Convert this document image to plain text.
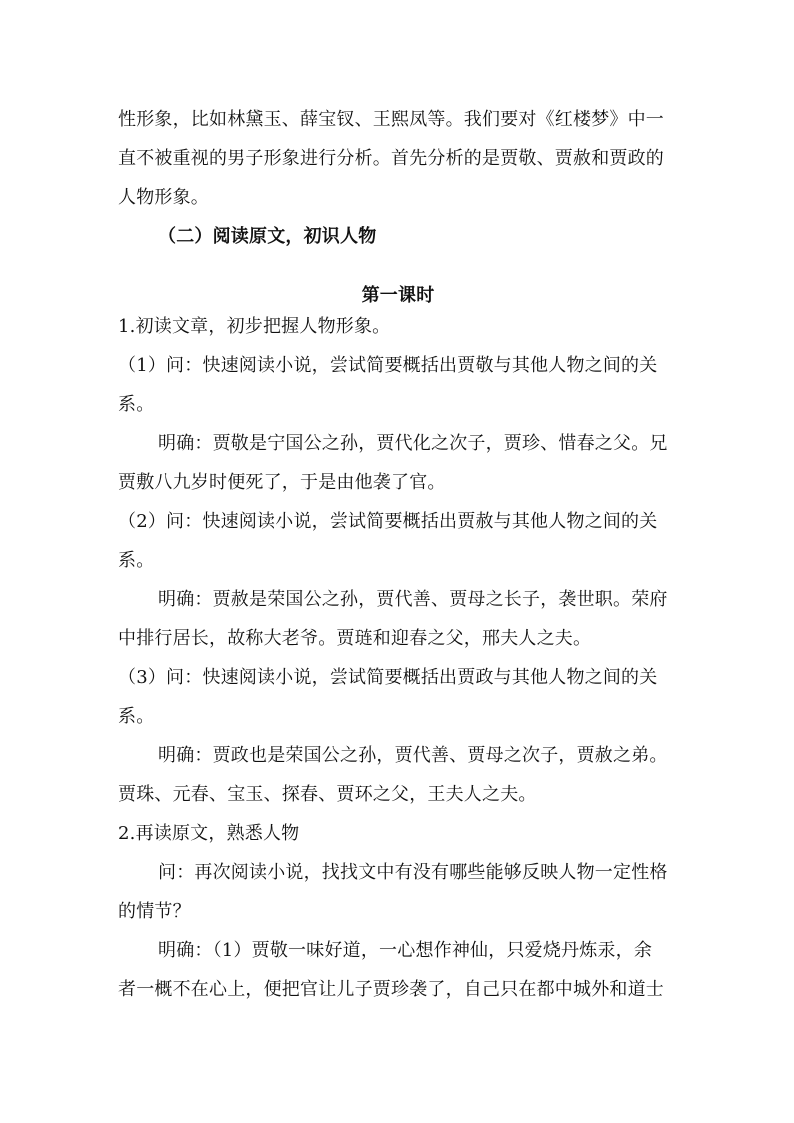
性形象，比如林黛玉、薛宝钗、王熙凤等。我们要对《红楼梦》中一

直不被重视的男子形象进行分析。首先分析的是贾敬、贾赦和贾政的

人物形象。

（二）阅读原文，初识人物

第一课时

1.初读文章，初步把握人物形象。

（1）问：快速阅读小说，尝试简要概括出贾敬与其他人物之间的关

系。

明确：贾敬是宁国公之孙，贾代化之次子，贾珍、惜春之父。兄

贾敷八九岁时便死了，于是由他袭了官。

（2）问：快速阅读小说，尝试简要概括出贾赦与其他人物之间的关

系。

明确：贾赦是荣国公之孙，贾代善、贾母之长子，袭世职。荣府

中排行居长，故称大老爷。贾琏和迎春之父，邢夫人之夫。

（3）问：快速阅读小说，尝试简要概括出贾政与其他人物之间的关

系。

明确：贾政也是荣国公之孙，贾代善、贾母之次子，贾赦之弟。

贾珠、元春、宝玉、探春、贾环之父，王夫人之夫。

2.再读原文，熟悉人物

问：再次阅读小说，找找文中有没有哪些能够反映人物一定性格

的情节？

明确：（1）贾敬一味好道，一心想作神仙，只爱烧丹炼汞，余

者一概不在心上，便把官让儿子贾珍袭了，自己只在都中城外和道士
